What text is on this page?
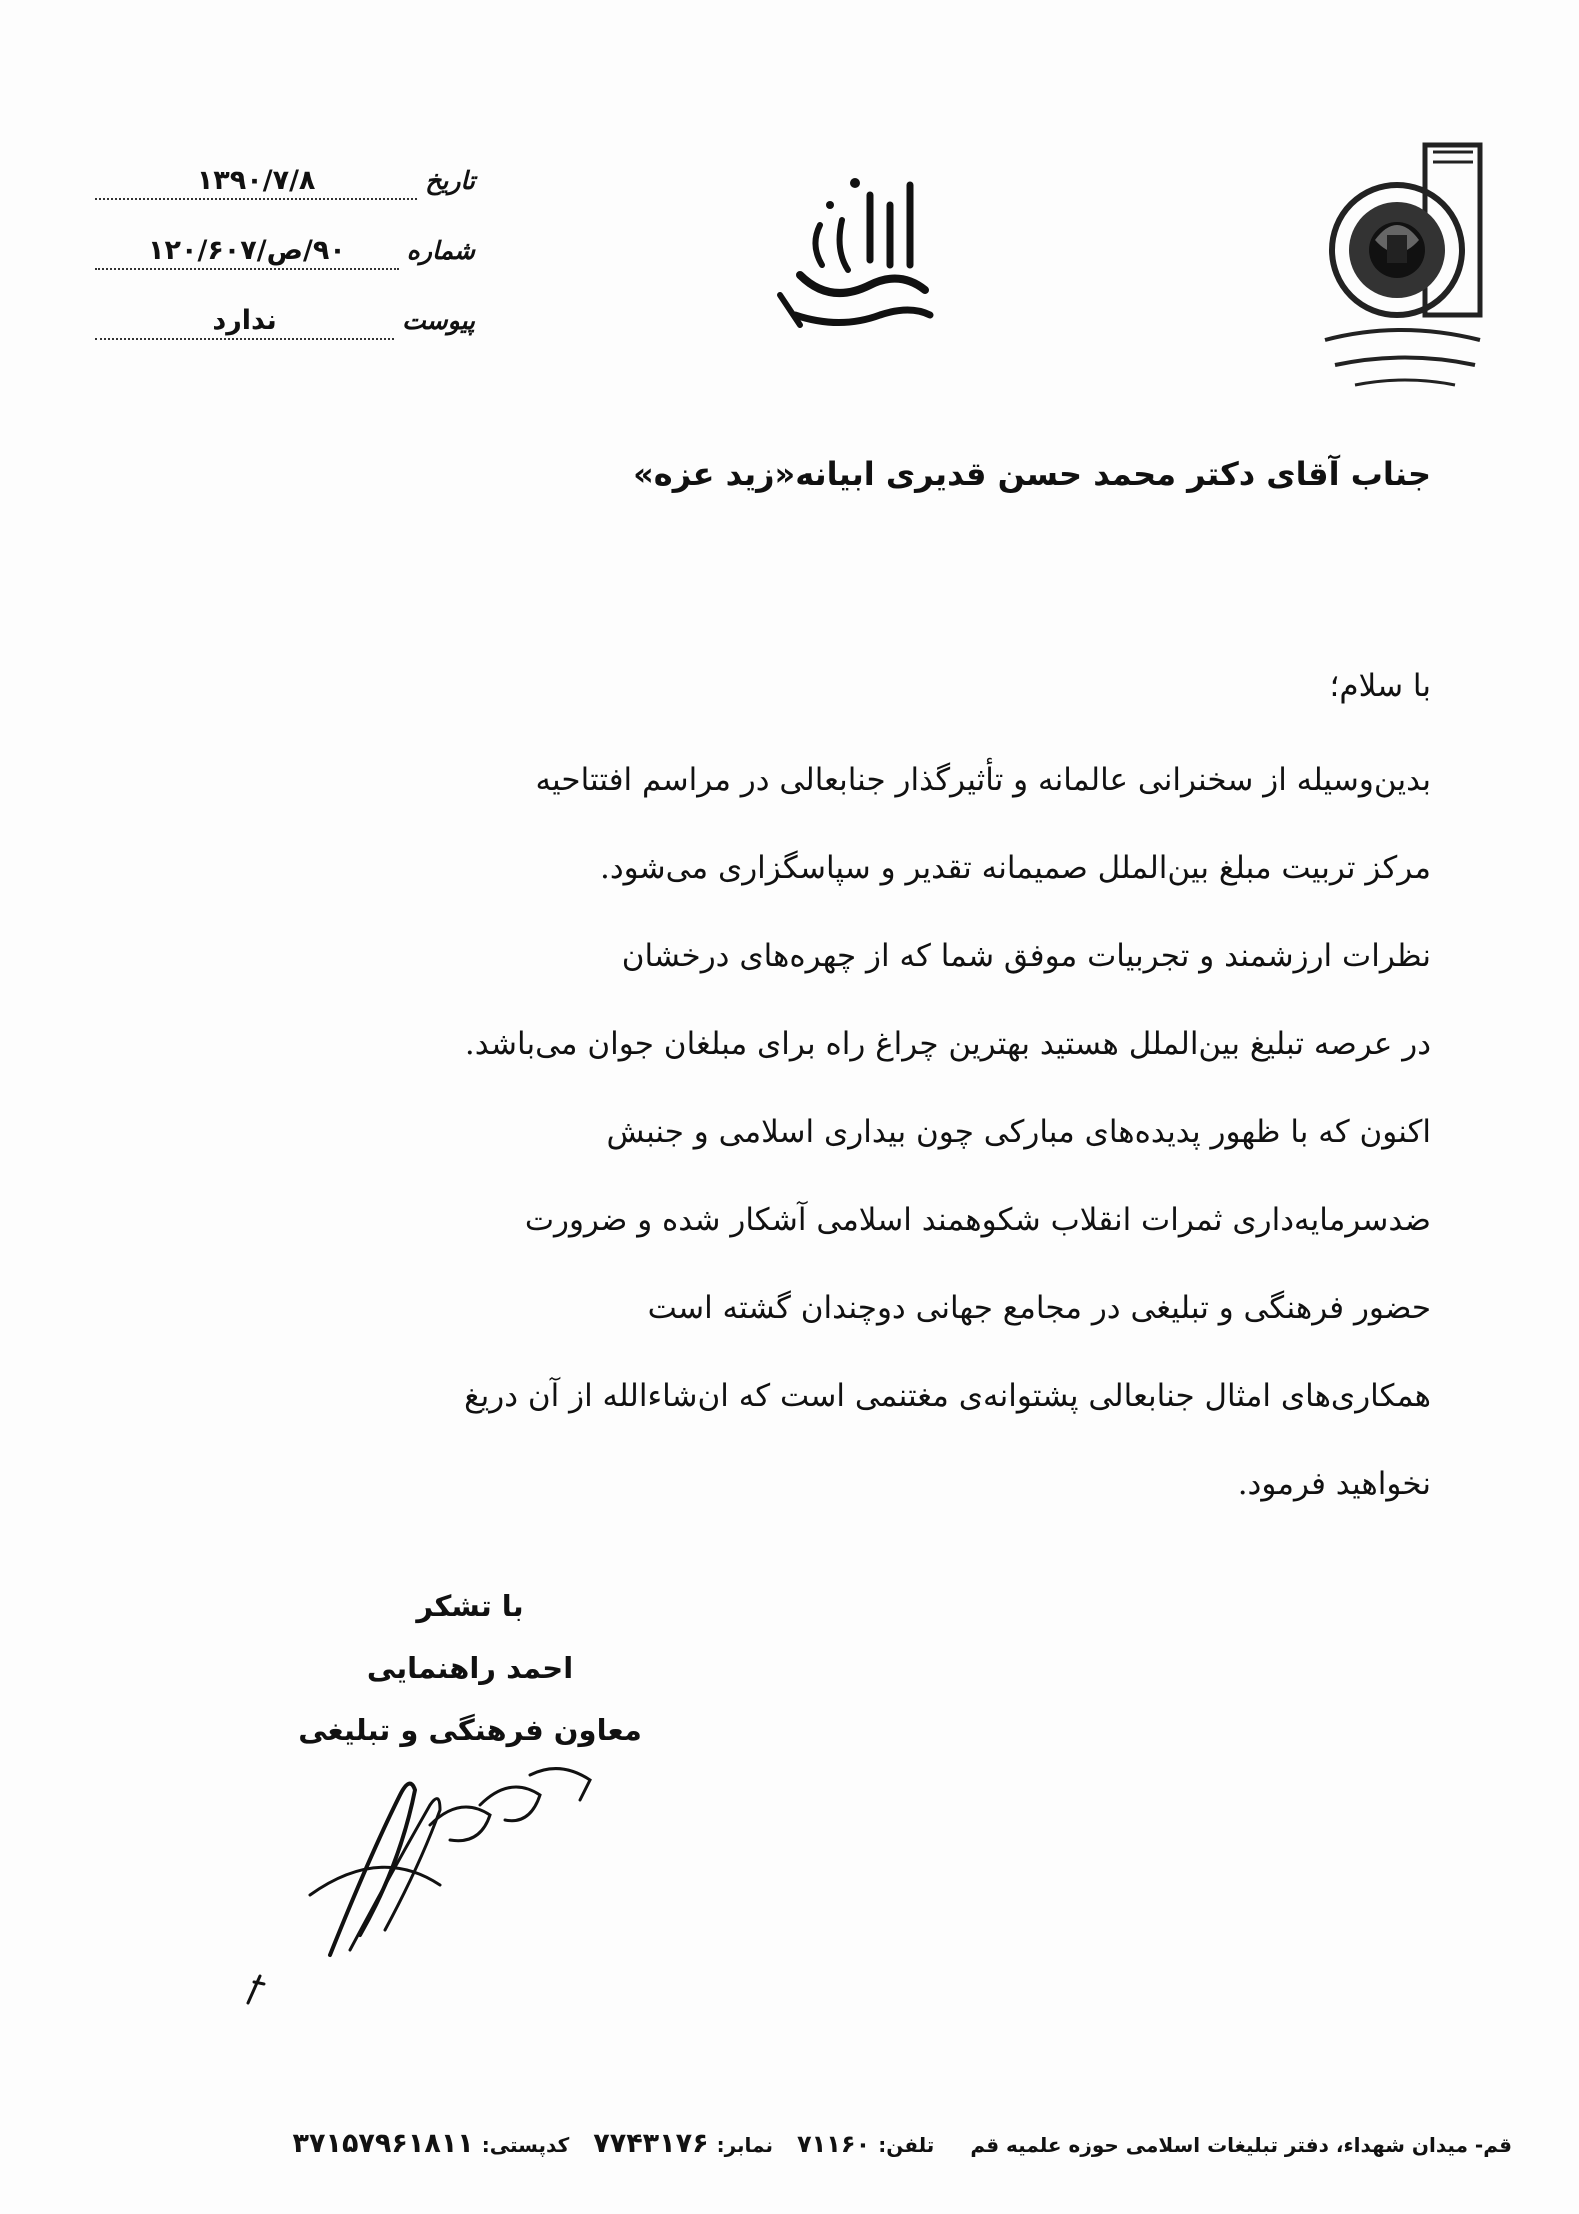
تاریخ
۱۳۹۰/۷/۸
شماره
۹۰/ص/۱۲۰/۶۰۷
پیوست
ندارد
جناب آقای دکتر محمد حسن قدیری ابیانه«زید عزه»
با سلام؛
بدین‌وسیله از سخنرانی عالمانه و تأثیرگذار جنابعالی در مراسم افتتاحیه
مرکز تربیت مبلغ بین‌الملل صمیمانه تقدیر و سپاسگزاری می‌شود.
نظرات ارزشمند و تجربیات موفق شما که از چهره‌های درخشان
در عرصه تبلیغ بین‌الملل هستید بهترین چراغ راه برای مبلغان جوان می‌باشد.
اکنون که با ظهور پدیده‌های مبارکی چون بیداری اسلامی و جنبش
ضدسرمایه‌داری ثمرات انقلاب شکوهمند اسلامی آشکار شده و ضرورت
حضور فرهنگی و تبلیغی در مجامع جهانی دوچندان گشته است
همکاری‌های امثال جنابعالی پشتوانه‌ی مغتنمی است که ان‌شاءالله از آن دریغ
نخواهید فرمود.
با تشکر
احمد راهنمایی
معاون فرهنگی و تبلیغی
قم- میدان شهداء، دفتر تبلیغات اسلامی حوزه علمیه قم
تلفن:
۷۱۱۶۰
نمابر:
۷۷۴۳۱۷۶
کدپستی:
۳۷۱۵۷۹۶۱۸۱۱
